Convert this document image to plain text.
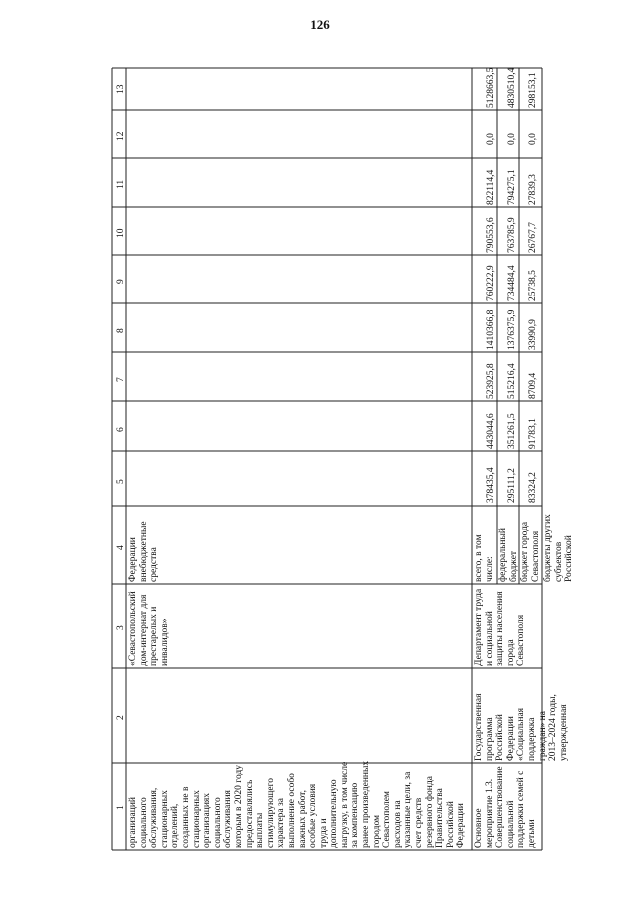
126
1
2
3
4
5
6
7
8
9
10
11
12
13
организаций
социального
обслуживания,
стационарных
отделений,
созданных не в
стационарных
организациях
социального
обслуживания
которым в 2020 году
предоставлялись
выплаты
стимулирующего
характера за
выполнение особо
важных работ,
особые условия
труда и
дополнительную
нагрузку, в том числе
за компенсацию
ранее произведенных
городом
Севастополем
расходов на
указанные цели, за
счет средств
резервного фонда
Правительства
Российской
Федерации
«Севастопольский
дом-интернат для
престарелых и
инвалидов»
Федерации
внебюджетные
средства
Основное
мероприятие 1.3.
Совершенствование
социальной
поддержки семей с
детьми
Государственная
программа
Российской
Федерации
«Социальная
поддержка
граждан» на
2013–2024 годы,
утвержденная
Департамент труда
и социальной
защиты населения
города
Севастополя
всего, в том
числе: федеральный
бюджет бюджет города
Севастополя бюджеты других
субъектов
Российской
378435,4
443044,6
523925,8
1410366,8
760222,9
790553,6
822114,4
0,0
5128663,5
295111,2
351261,5
515216,4
1376375,9
734484,4
763785,9
794275,1
0,0
4830510,4
83324,2
91783,1
8709,4
33990,9
25738,5
26767,7
27839,3
0,0
298153,1
